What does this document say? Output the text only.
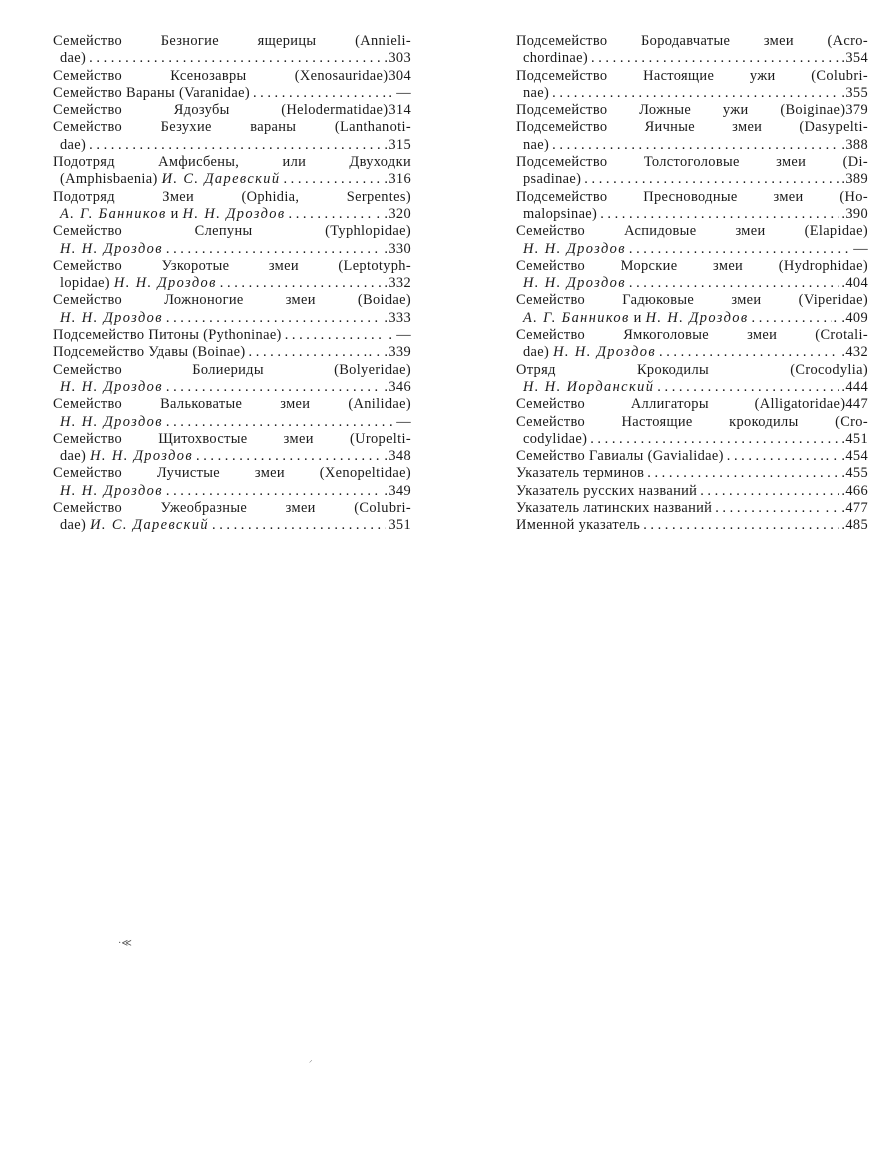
Семейство Безногие ящерицы (Annieli-
dae) . . .	.303
Семейство Ксенозавры (Xenosauridae)304
Семейство Вараны (Varanidae) . . .	. —
Семейство Ядозубы (Helodermatidae)314
Семейство Безухие вараны (Lanthanoti-
dae) . . .	.315
Подотряд Амфисбены, или Двуходки
(Amphisbaenia) И. С. Даревский . . .	. .316
Подотряд Змеи (Ophidia, Serpentes)
А. Г. Банников и Н. Н. Дроздов . . .	. .320
Семейство Слепуны (Typhlopidae)
Н. Н. Дроздов . . .	.330
Семейство Узкоротые змеи (Leptotyph-
lopidae) Н. Н. Дроздов . . .	.332
Семейство Ложноногие змеи (Boidae)
Н. Н. Дроздов . . .	.333
Подсемейство Питоны (Pythoninae) . . .	. —
Подсемейство Удавы (Boinae) . . .	. . .339
Семейство Болиериды (Bolyeridae)
Н. Н. Дроздов . . .	.346
Семейство Вальковатые змеи (Anilidae)
Н. Н. Дроздов . . .	—
Семейство Щитохвостые змеи (Uropelti-
dae) Н. Н. Дроздов . . .	.348
Семейство Лучистые змеи (Xenopeltidae)
Н. Н. Дроздов . . .	.349
Семейство Ужеобразные змеи (Colubri-
dae) И. С. Даревский . . .	351
Подсемейство Бородавчатые змеи (Acro-
chordinae) . . .	.354
Подсемейство Настоящие ужи (Colubri-
nae) . . .	.355
Подсемейство Ложные ужи (Boiginae)379
Подсемейство Яичные змеи (Dasypelti-
nae) . . .	.388
Подсемейство Толстоголовые змеи (Di-
psadinae) . . .	.389
Подсемейство Пресноводные змеи (Ho-
malopsinae) . . .	.390
Семейство Аспидовые змеи (Elapidae)
Н. Н. Дроздов . . .	—
Семейство Морские змеи (Hydrophidae)
Н. Н. Дроздов . . .	.404
Семейство Гадюковые змеи (Viperidae)
А. Г. Банников и Н. Н. Дроздов . . .	. .409
Семейство Ямкоголовые змеи (Crotali-
dae) Н. Н. Дроздов . . .	.432
Отряд Крокодилы (Crocodylia)
Н. Н. Иорданский . . .	.444
Семейство Аллигаторы (Alligatoridae)447
Семейство Настоящие крокодилы (Cro-
codylidae) . . .	.451
Семейство Гавиалы (Gavialidae) . . .	. . .454
Указатель терминов . . .	.455
Указатель русских названий . . .	.466
Указатель латинских названий . . .	. . .477
Именной указатель . . .	.485
·≪
⸝
